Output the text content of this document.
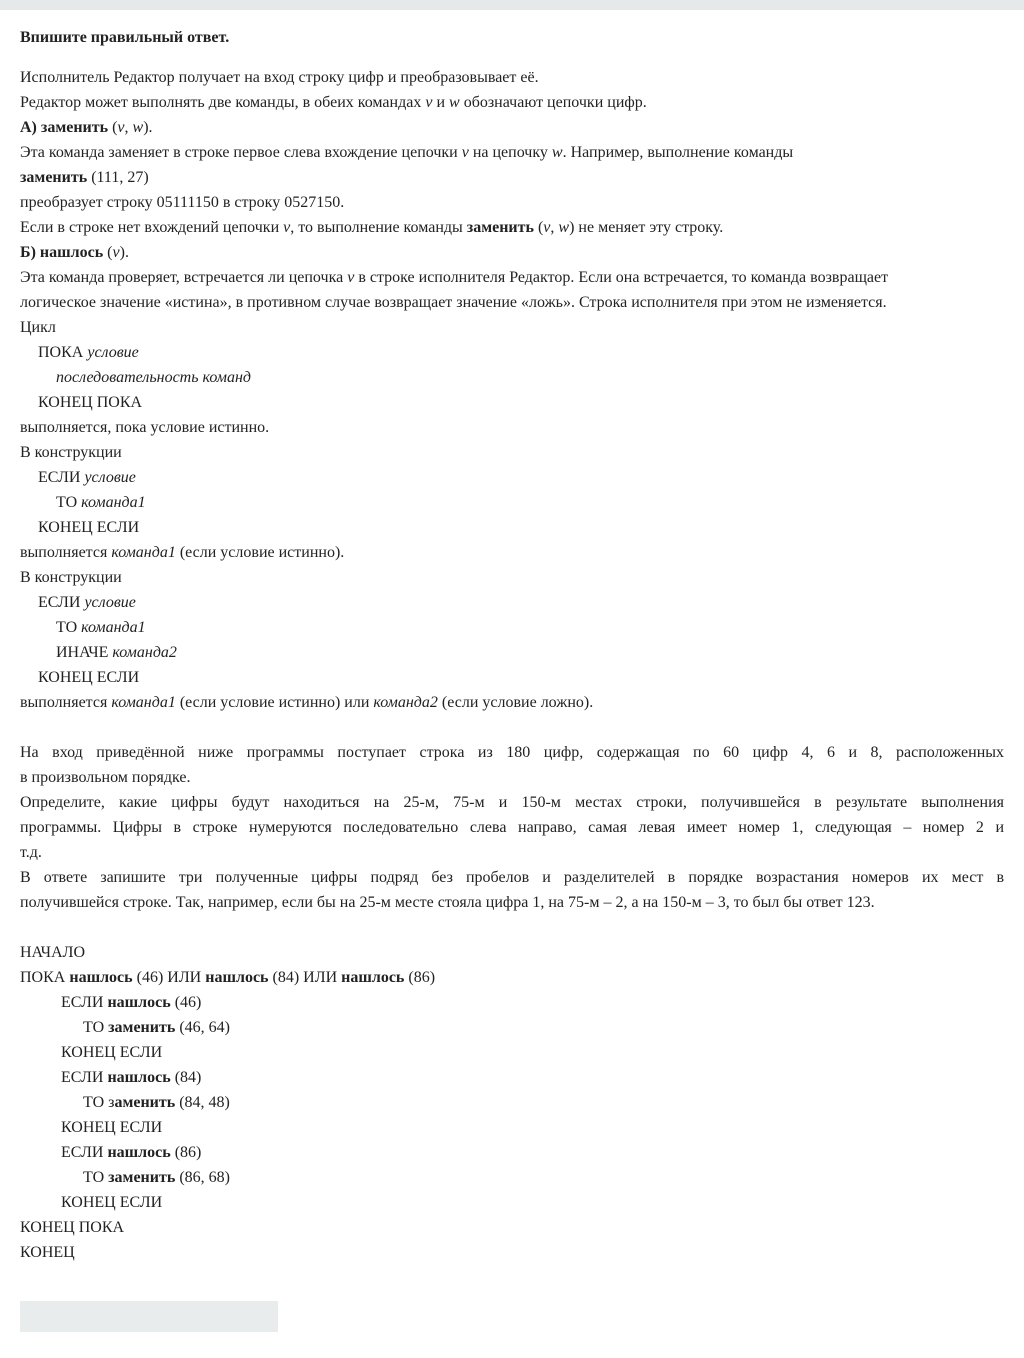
Впишите правильный ответ.
Исполнитель Редактор получает на вход строку цифр и преобразовывает её.
Редактор может выполнять две команды, в обеих командах v и w обозначают цепочки цифр.
А) заменить (v, w).
Эта команда заменяет в строке первое слева вхождение цепочки v на цепочку w. Например, выполнение команды
заменить (111, 27)
преобразует строку 05111150 в строку 0527150.
Если в строке нет вхождений цепочки v, то выполнение команды заменить (v, w) не меняет эту строку.
Б) нашлось (v).
Эта команда проверяет, встречается ли цепочка v в строке исполнителя Редактор. Если она встречается, то команда возвращает
логическое значение «истина», в противном случае возвращает значение «ложь». Строка исполнителя при этом не изменяется.
Цикл
ПОКА условие
последовательность команд
КОНЕЦ ПОКА
выполняется, пока условие истинно.
В конструкции
ЕСЛИ условие
ТО команда1
КОНЕЦ ЕСЛИ
выполняется команда1 (если условие истинно).
В конструкции
ЕСЛИ условие
ТО команда1
ИНАЧЕ команда2
КОНЕЦ ЕСЛИ
выполняется команда1 (если условие истинно) или команда2 (если условие ложно).
На вход приведённой ниже программы поступает строка из 180 цифр, содержащая по 60 цифр 4, 6 и 8, расположенных
в произвольном порядке.
Определите, какие цифры будут находиться на 25-м, 75-м и 150-м местах строки, получившейся в результате выполнения
программы. Цифры в строке нумеруются последовательно слева направо, самая левая имеет номер 1, следующая – номер 2 и
т.д.
В ответе запишите три полученные цифры подряд без пробелов и разделителей в порядке возрастания номеров их мест в
получившейся строке. Так, например, если бы на 25-м месте стояла цифра 1, на 75-м – 2, а на 150-м – 3, то был бы ответ 123.
НАЧАЛО
ПОКА нашлось (46) ИЛИ нашлось (84) ИЛИ нашлось (86)
ЕСЛИ нашлось (46)
ТО заменить (46, 64)
КОНЕЦ ЕСЛИ
ЕСЛИ нашлось (84)
ТО заменить (84, 48)
КОНЕЦ ЕСЛИ
ЕСЛИ нашлось (86)
ТО заменить (86, 68)
КОНЕЦ ЕСЛИ
КОНЕЦ ПОКА
КОНЕЦ
